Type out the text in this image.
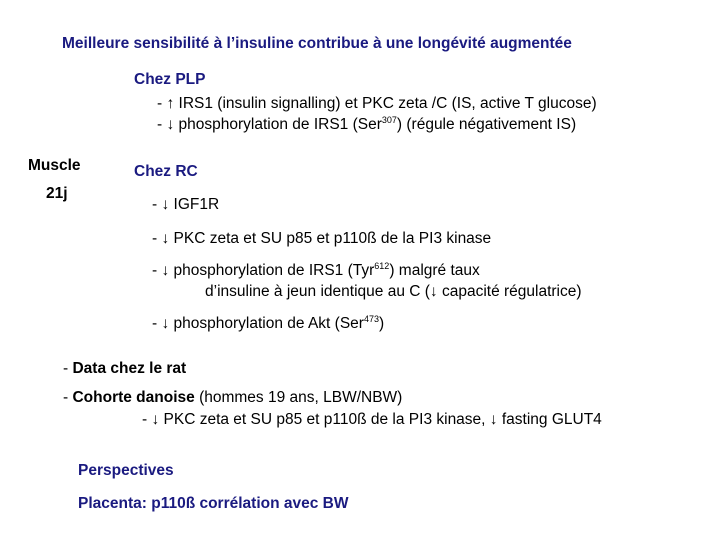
Meilleure sensibilité à l’insuline contribue à une longévité augmentée
Chez PLP
- ↑ IRS1 (insulin signalling) et PKC zeta /C (IS, active T glucose)
- ↓ phosphorylation de IRS1 (Ser$^{307}$) (régule négativement IS)
Muscle
21j
Chez RC
- ↓ IGF1R
- ↓ PKC zeta et SU p85 et p110ß de la PI3 kinase
- ↓ phosphorylation de IRS1 (Tyr$^{612}$) malgré taux
d’insuline à jeun identique au C (↓ capacité régulatrice)
- ↓ phosphorylation de Akt (Ser$^{473}$)
- Data chez le rat
- Cohorte danoise (hommes 19 ans, LBW/NBW)
- ↓ PKC zeta et SU p85 et p110ß de la PI3 kinase, ↓ fasting GLUT4
Perspectives
Placenta: p110ß corrélation avec BW
